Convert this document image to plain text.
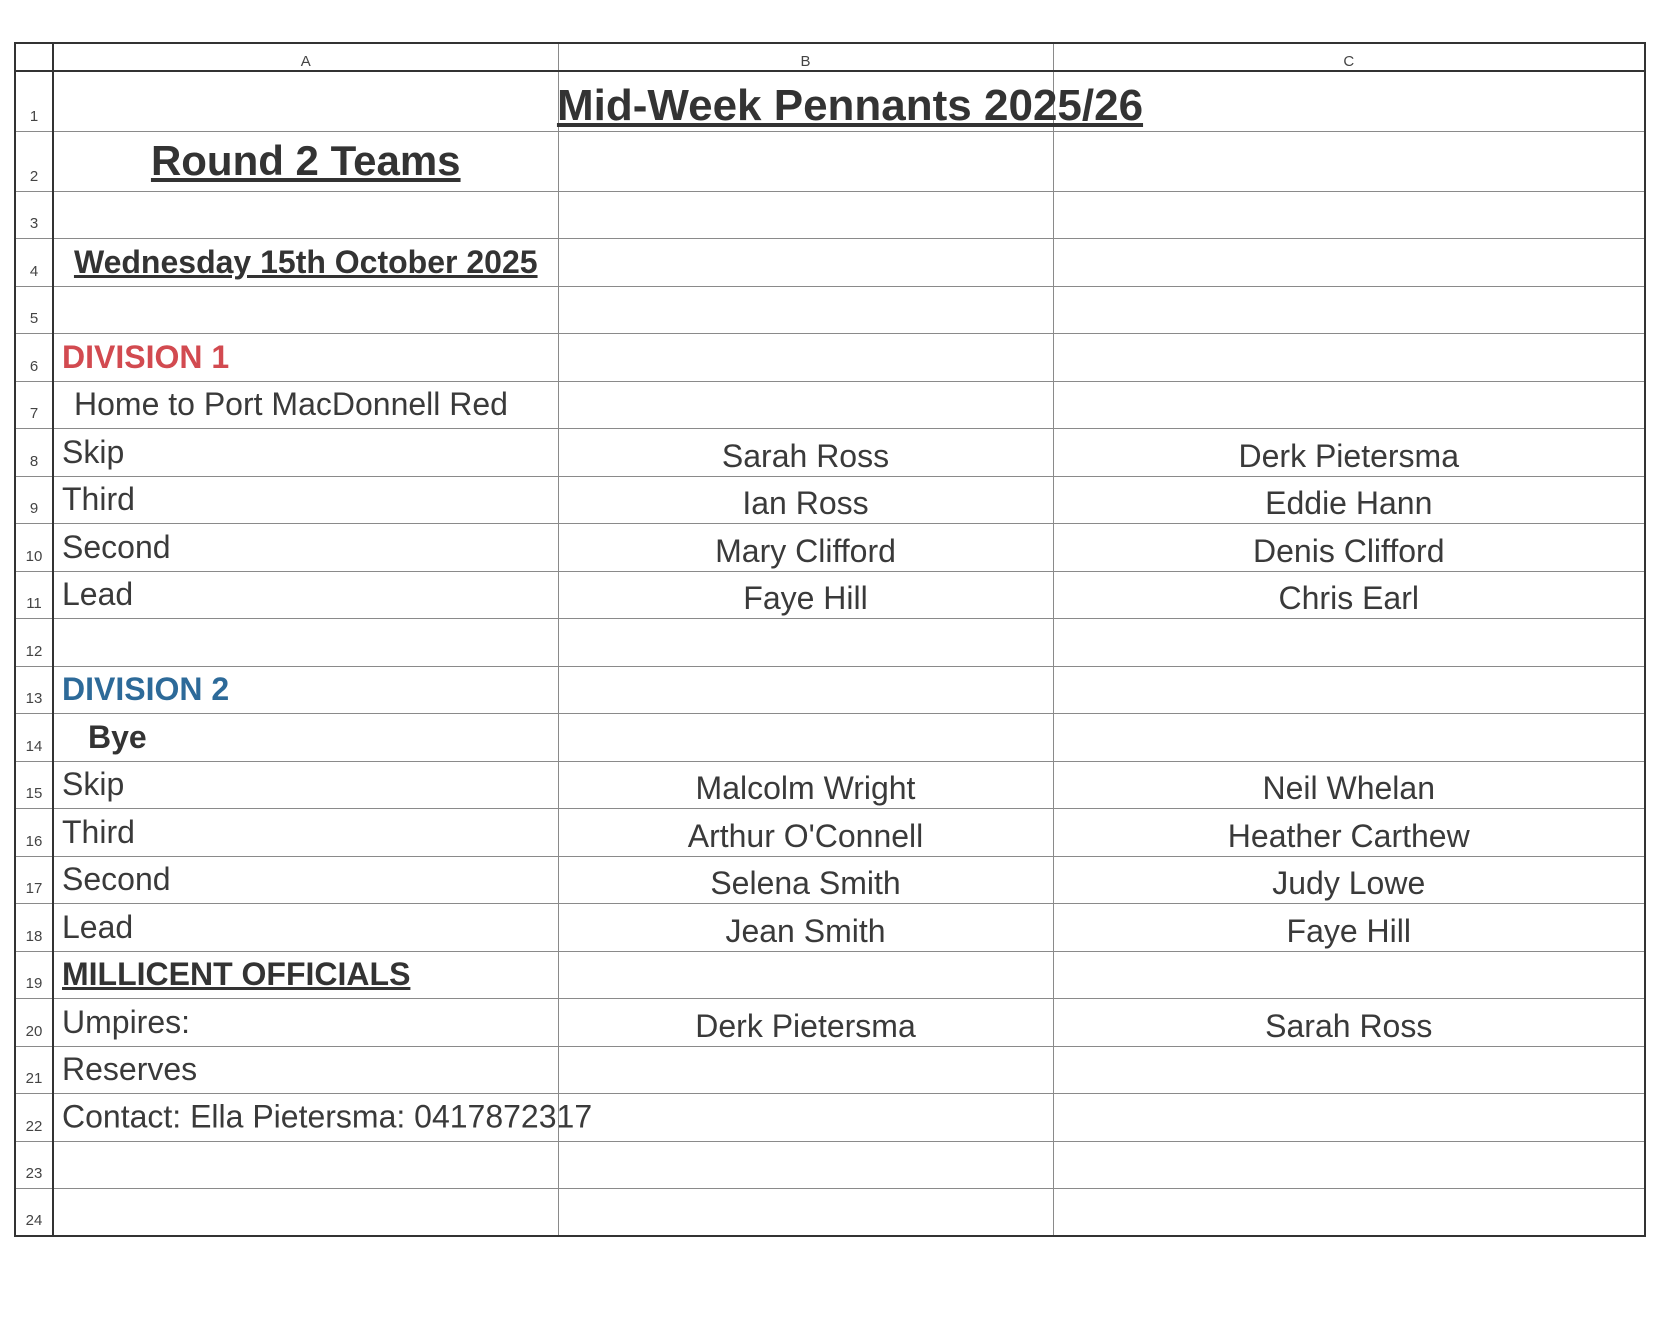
	A	B	C
1	Mid-Week Pennants 2025/26		

2	Round 2 Teams		

3			
4	Wednesday 15th October 2025		

5			
6	DIVISION 1		
7	Home to Port MacDonnell Red		
8	Skip	Sarah Ross	Derk Pietersma
9	Third	Ian Ross	Eddie Hann
10	Second	Mary Clifford	Denis Clifford
11	Lead	Faye Hill	Chris Earl
12			
13	DIVISION 2		
14	Bye		
15	Skip	Malcolm Wright	Neil Whelan
16	Third	Arthur O'Connell	Heather Carthew
17	Second	Selena Smith	Judy Lowe
18	Lead	Jean Smith	Faye Hill
19	MILLICENT OFFICIALS		
20	Umpires:	Derk Pietersma	Sarah Ross
21	Reserves		
22	Contact: Ella Pietersma: 0417872317		

23			
24			
